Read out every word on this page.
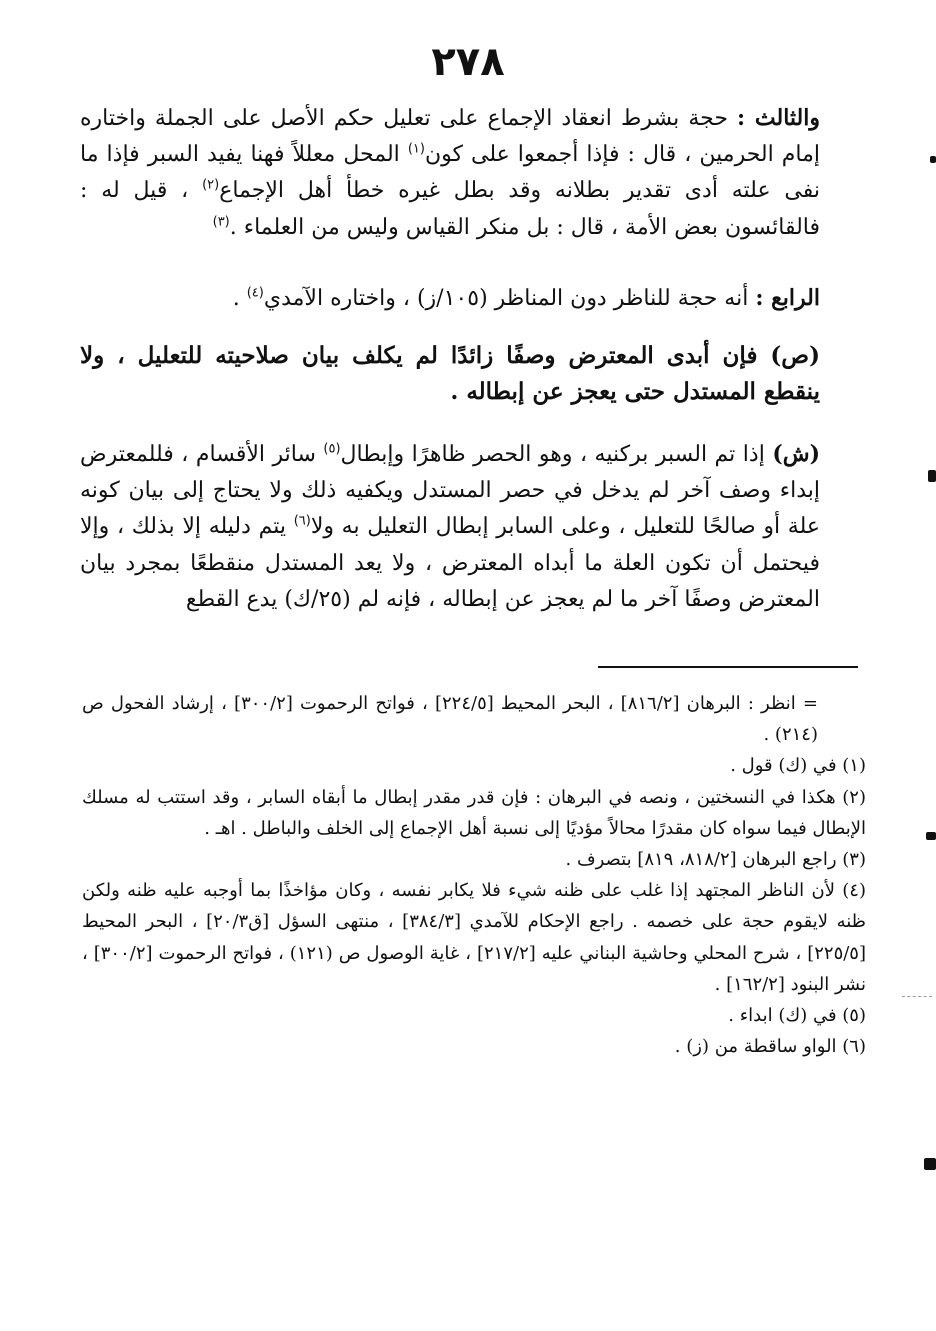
٢٧٨
والثالث : حجة بشرط انعقاد الإجماع على تعليل حكم الأصل على الجملة واختاره إمام الحرمين ، قال : فإذا أجمعوا على كون$^{(١)}$ المحل معللاً فهنا يفيد السبر فإذا ما نفى علته أدى تقدير بطلانه وقد بطل غيره خطأ أهل الإجماع$^{(٢)}$ ، قيل له : فالقائسون بعض الأمة ، قال : بل منكر القياس وليس من العلماء .$^{(٣)}$
الرابع : أنه حجة للناظر دون المناظر (١٠٥/ز) ، واختاره الآمدي$^{(٤)}$ .
(ص) فإن أبدى المعترض وصفًا زائدًا لم يكلف بيان صلاحيته للتعليل ، ولا ينقطع المستدل حتى يعجز عن إبطاله .
(ش) إذا تم السبر بركنيه ، وهو الحصر ظاهرًا وإبطال$^{(٥)}$ سائر الأقسام ، فللمعترض إبداء وصف آخر لم يدخل في حصر المستدل ويكفيه ذلك ولا يحتاج إلى بيان كونه علة أو صالحًا للتعليل ، وعلى السابر إبطال التعليل به ولا$^{(٦)}$ يتم دليله إلا بذلك ، وإلا فيحتمل أن تكون العلة ما أبداه المعترض ، ولا يعد المستدل منقطعًا بمجرد بيان المعترض وصفًا آخر ما لم يعجز عن إبطاله ، فإنه لم (٢٥/ك) يدع القطع
= انظر : البرهان [٨١٦/٢] ، البحر المحيط [٢٢٤/٥] ، فواتح الرحموت [٣٠٠/٢] ، إرشاد الفحول ص (٢١٤) .
(١) في (ك) قول .
(٢) هكذا في النسختين ، ونصه في البرهان : فإن قدر مقدر إبطال ما أبقاه السابر ، وقد استتب له مسلك الإبطال فيما سواه كان مقدرًا محالاً مؤديًا إلى نسبة أهل الإجماع إلى الخلف والباطل . اهـ .
(٣) راجع البرهان [٨١٨/٢، ٨١٩] بتصرف .
(٤) لأن الناظر المجتهد إذا غلب على ظنه شيء فلا يكابر نفسه ، وكان مؤاخذًا بما أوجبه عليه ظنه ولكن ظنه لايقوم حجة على خصمه . راجع الإحكام للآمدي [٣٨٤/٣] ، منتهى السؤل [ق٢٠/٣] ، البحر المحيط [٢٢٥/٥] ، شرح المحلي وحاشية البناني عليه [٢١٧/٢] ، غاية الوصول ص (١٢١) ، فواتح الرحموت [٣٠٠/٢] ، نشر البنود [١٦٢/٢] .
(٥) في (ك) ابداء .
(٦) الواو ساقطة من (ز) .
